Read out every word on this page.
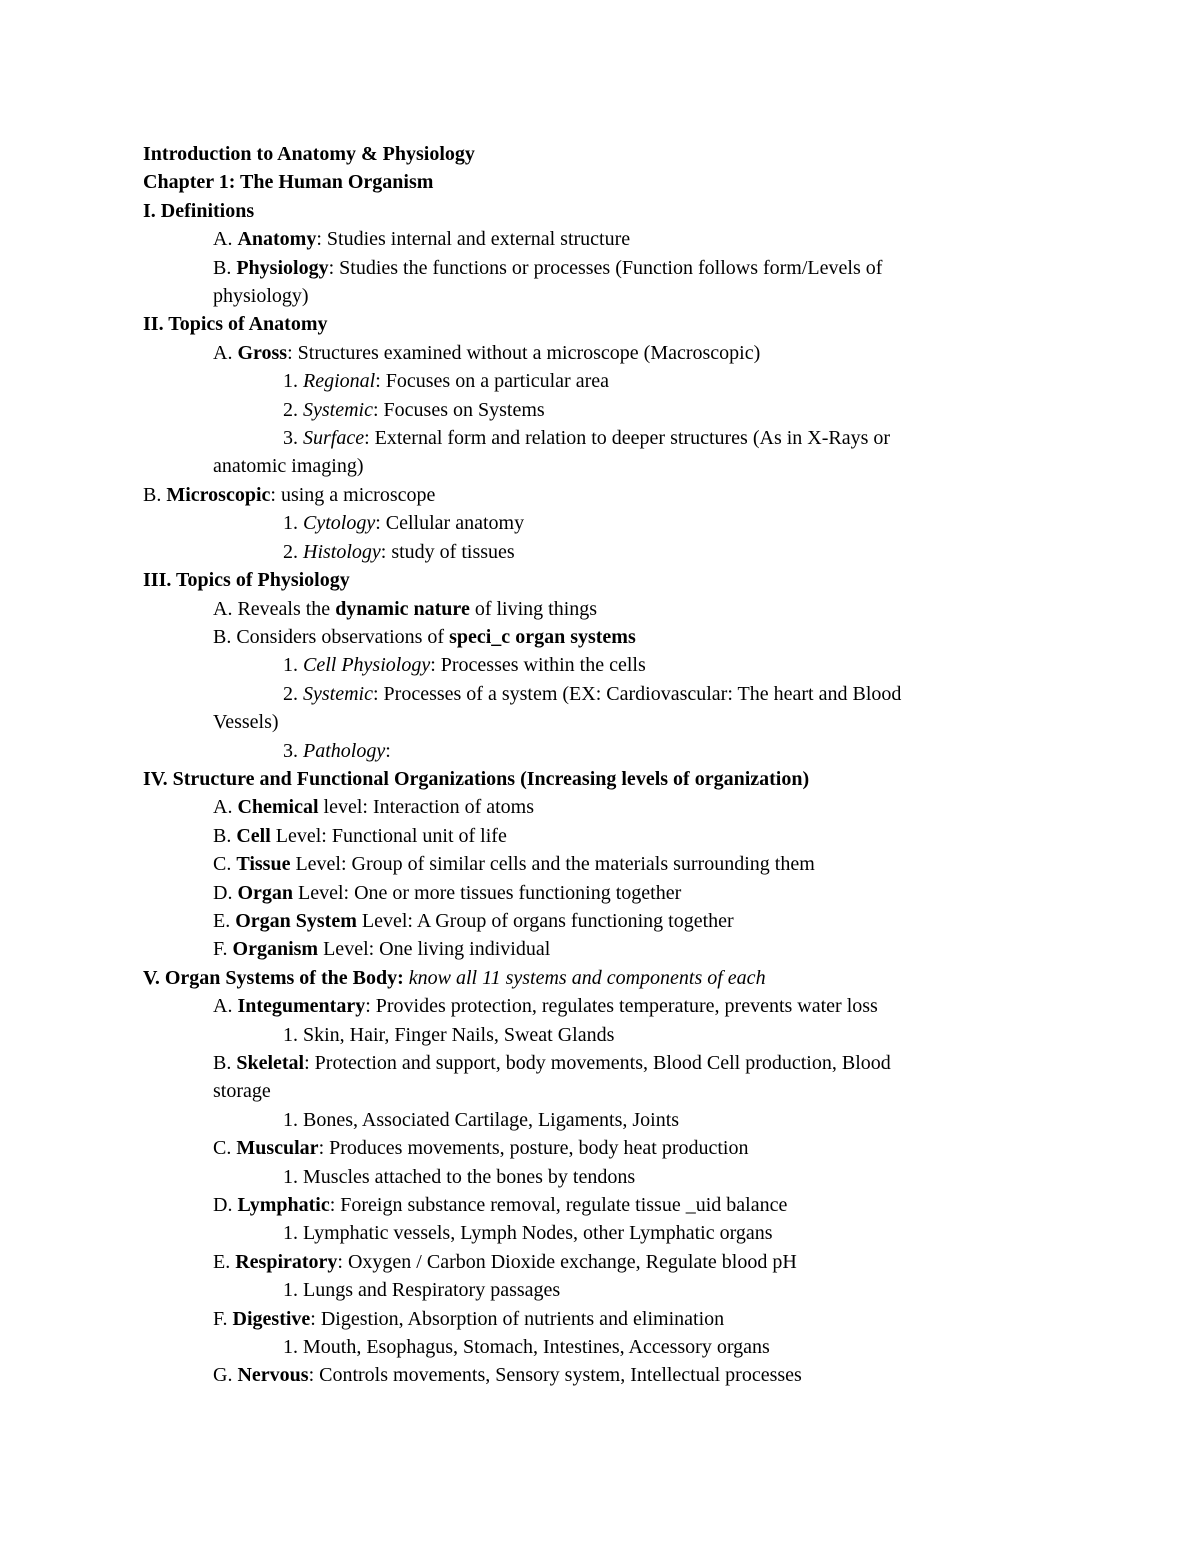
Introduction to Anatomy & Physiology
Chapter 1: The Human Organism
I. Definitions
A. Anatomy: Studies internal and external structure
B. Physiology: Studies the functions or processes (Function follows form/Levels of
physiology)
II. Topics of Anatomy
A. Gross: Structures examined without a microscope (Macroscopic)
1. Regional: Focuses on a particular area
2. Systemic: Focuses on Systems
3. Surface: External form and relation to deeper structures (As in X-Rays or
anatomic imaging)
B. Microscopic: using a microscope
1. Cytology: Cellular anatomy
2. Histology: study of tissues
III. Topics of Physiology
A. Reveals the dynamic nature of living things
B. Considers observations of speci_c organ systems
1. Cell Physiology: Processes within the cells
2. Systemic: Processes of a system (EX: Cardiovascular: The heart and Blood
Vessels)
3. Pathology:
IV. Structure and Functional Organizations (Increasing levels of organization)
A. Chemical level: Interaction of atoms
B. Cell Level: Functional unit of life
C. Tissue Level: Group of similar cells and the materials surrounding them
D. Organ Level: One or more tissues functioning together
E. Organ System Level: A Group of organs functioning together
F. Organism Level: One living individual
V. Organ Systems of the Body: know all 11 systems and components of each
A. Integumentary: Provides protection, regulates temperature, prevents water loss
1. Skin, Hair, Finger Nails, Sweat Glands
B. Skeletal: Protection and support, body movements, Blood Cell production, Blood
storage
1. Bones, Associated Cartilage, Ligaments, Joints
C. Muscular: Produces movements, posture, body heat production
1. Muscles attached to the bones by tendons
D. Lymphatic: Foreign substance removal, regulate tissue _uid balance
1. Lymphatic vessels, Lymph Nodes, other Lymphatic organs
E. Respiratory: Oxygen / Carbon Dioxide exchange, Regulate blood pH
1. Lungs and Respiratory passages
F. Digestive: Digestion, Absorption of nutrients and elimination
1. Mouth, Esophagus, Stomach, Intestines, Accessory organs
G. Nervous: Controls movements, Sensory system, Intellectual processes
